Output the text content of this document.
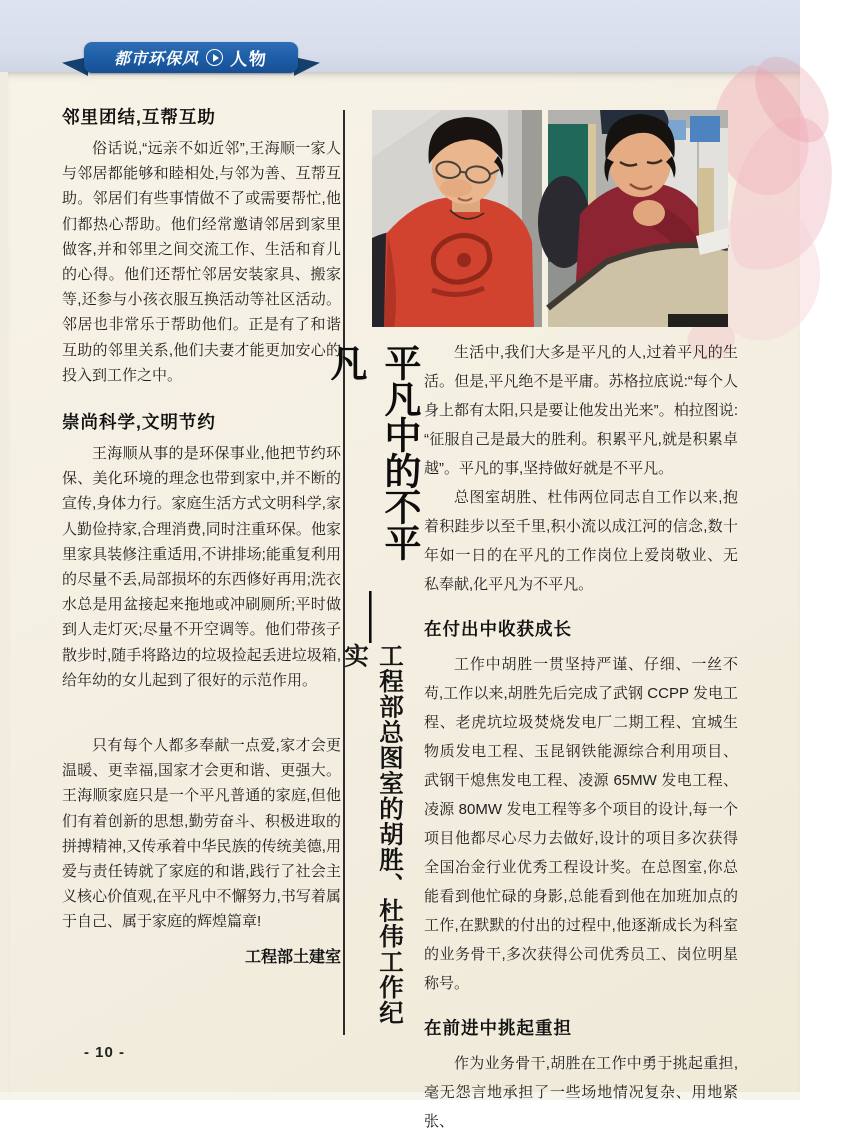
都市环保风 人物
邻里团结,互帮互助

俗话说,“远亲不如近邻”,王海顺一家人与邻居都能够和睦相处,与邻为善、互帮互助。邻居们有些事情做不了或需要帮忙,他们都热心帮助。他们经常邀请邻居到家里做客,并和邻里之间交流工作、生活和育儿的心得。他们还帮忙邻居安装家具、搬家等,还参与小孩衣服互换活动等社区活动。邻居也非常乐于帮助他们。正是有了和谐互助的邻里关系,他们夫妻才能更加安心的投入到工作之中。

崇尚科学,文明节约

王海顺从事的是环保事业,他把节约环保、美化环境的理念也带到家中,并不断的宣传,身体力行。家庭生活方式文明科学,家人勤俭持家,合理消费,同时注重环保。他家里家具装修注重适用,不讲排场;能重复利用的尽量不丢,局部损坏的东西修好再用;洗衣水总是用盆接起来拖地或冲刷厕所;平时做到人走灯灭;尽量不开空调等。他们带孩子散步时,随手将路边的垃圾捡起丢进垃圾箱,给年幼的女儿起到了很好的示范作用。

只有每个人都多奉献一点爱,家才会更温暖、更幸福,国家才会更和谐、更强大。王海顺家庭只是一个平凡普通的家庭,但他们有着创新的思想,勤劳奋斗、积极进取的拼搏精神,又传承着中华民族的传统美德,用爱与责任铸就了家庭的和谐,践行了社会主义核心价值观,在平凡中不懈努力,书写着属于自己、属于家庭的辉煌篇章!

工程部土建室
平凡中的不平凡
——
工程部总图室的胡胜、杜伟工作纪实

生活中,我们大多是平凡的人,过着平凡的生活。但是,平凡绝不是平庸。苏格拉底说:“每个人身上都有太阳,只是要让他发出光来”。柏拉图说:“征服自己是最大的胜利。积累平凡,就是积累卓越”。平凡的事,坚持做好就是不平凡。

总图室胡胜、杜伟两位同志自工作以来,抱着积跬步以至千里,积小流以成江河的信念,数十年如一日的在平凡的工作岗位上爱岗敬业、无私奉献,化平凡为不平凡。

在付出中收获成长

工作中胡胜一贯坚持严谨、仔细、一丝不苟,工作以来,胡胜先后完成了武钢 CCPP 发电工程、老虎坑垃圾焚烧发电厂二期工程、宜城生物质发电工程、玉昆钢铁能源综合利用项目、武钢干熄焦发电工程、凌源 65MW 发电工程、凌源 80MW 发电工程等多个项目的设计,每一个项目他都尽心尽力去做好,设计的项目多次获得全国冶金行业优秀工程设计奖。在总图室,你总能看到他忙碌的身影,总能看到他在加班加点的工作,在默默的付出的过程中,他逐渐成长为科室的业务骨干,多次获得公司优秀员工、岗位明星称号。

在前进中挑起重担

作为业务骨干,胡胜在工作中勇于挑起重担,毫无怨言地承担了一些场地情况复杂、用地紧张、

- 10 -
